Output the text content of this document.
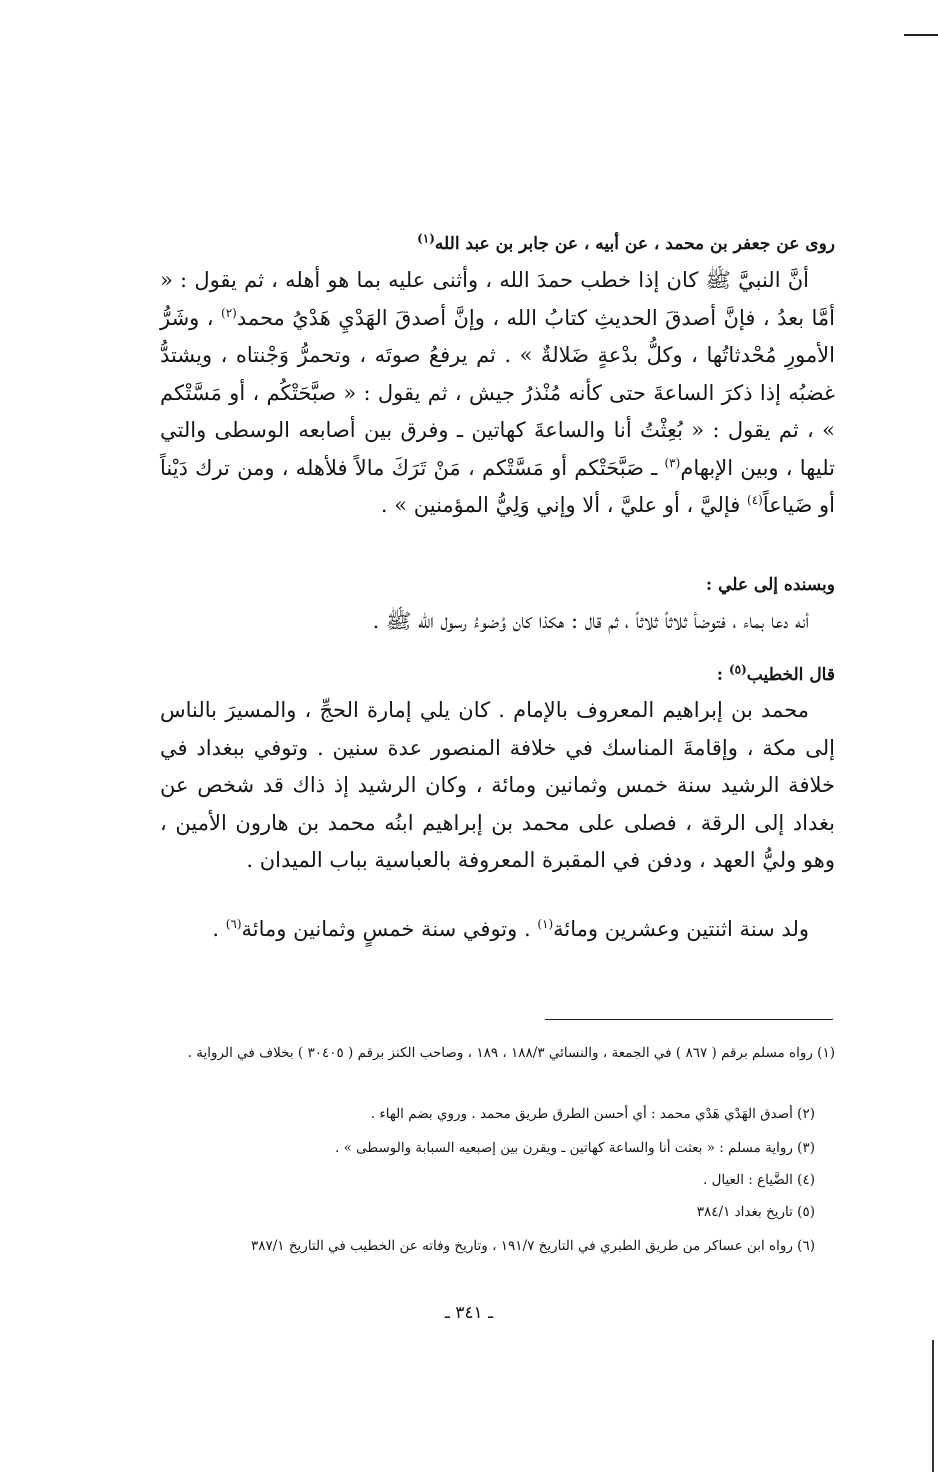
روى عن جعفر بن محمد ، عن أبيه ، عن جابر بن عبد الله$^{(١)}$
أنَّ النبيَّ ﷺ كان إذا خطب حمدَ الله ، وأثنى عليه بما هو أهله ، ثم يقول : « أمَّا بعدُ ، فإنَّ أصدقَ الحديثِ كتابُ الله ، وإنَّ أصدقَ الهَدْيِ هَدْيُ محمد$^{(٢)}$ ، وشَرُّ الأمورِ مُحْدثاتُها ، وكلُّ بدْعةٍ ضَلالةٌ » . ثم يرفعُ صوتَه ، وتحمرُّ وَجْنتاه ، ويشتدُّ غضبُه إذا ذكرَ الساعةَ حتى كأنه مُنْذرُ جيش ، ثم يقول : « صبَّحَتْكُم ، أو مَسَّتْكم » ، ثم يقول : « بُعِثْتُ أنا والساعةَ كهاتين ـ وفرق بين أصابعه الوسطى والتي تليها ، وبين الإبهام$^{(٣)}$ ـ صَبَّحَتْكم أو مَسَّتْكم ، مَنْ تَرَكَ مالاً فلأهله ، ومن ترك دَيْناً أو ضَياعاً$^{(٤)}$ فإليَّ ، أو عليَّ ، ألا وإني وَلِيُّ المؤمنين » .
وبسنده إلى علي :
أنه دعا بماء ، فتوضأ ثلاثاً ثلاثاً ، ثم قال : هكذا كان وُضوءُ رسول الله ﷺ .
قال الخطيب$^{(٥)}$ :
محمد بن إبراهيم المعروف بالإمام . كان يلي إمارة الحجِّ ، والمسيرَ بالناس إلى مكة ، وإقامةَ المناسك في خلافة المنصور عدة سنين . وتوفي ببغداد في خلافة الرشيد سنة خمس وثمانين ومائة ، وكان الرشيد إذ ذاك قد شخص عن بغداد إلى الرقة ، فصلى على محمد بن إبراهيم ابنُه محمد بن هارون الأمين ، وهو وليُّ العهد ، ودفن في المقبرة المعروفة بالعباسية بباب الميدان .
ولد سنة اثنتين وعشرين ومائة$^{(١)}$ . وتوفي سنة خمسٍ وثمانين ومائة$^{(٦)}$ .
(١) رواه مسلم برقم ( ٨٦٧ ) في الجمعة ، والنسائي ١٨٨/٣ ، ١٨٩ ، وصاحب الكنز برقم ( ٣٠٤٠٥ ) بخلاف في الرواية .
(٢) أصدق الهَدْي هَدْي محمد : أي أحسن الطرق طريق محمد . وروي بضم الهاء .
(٣) رواية مسلم : « بعثت أنا والساعة كهاتين ـ ويقرن بين إصبعيه السبابة والوسطى » .
(٤) الضَّياع : العيال .
(٥) تاريخ بغداد ٣٨٤/١
(٦) رواه ابن عساكر من طريق الطبري في التاريخ ١٩١/٧ ، وتاريخ وفاته عن الخطيب في التاريخ ٣٨٧/١
ـ ٣٤١ ـ
